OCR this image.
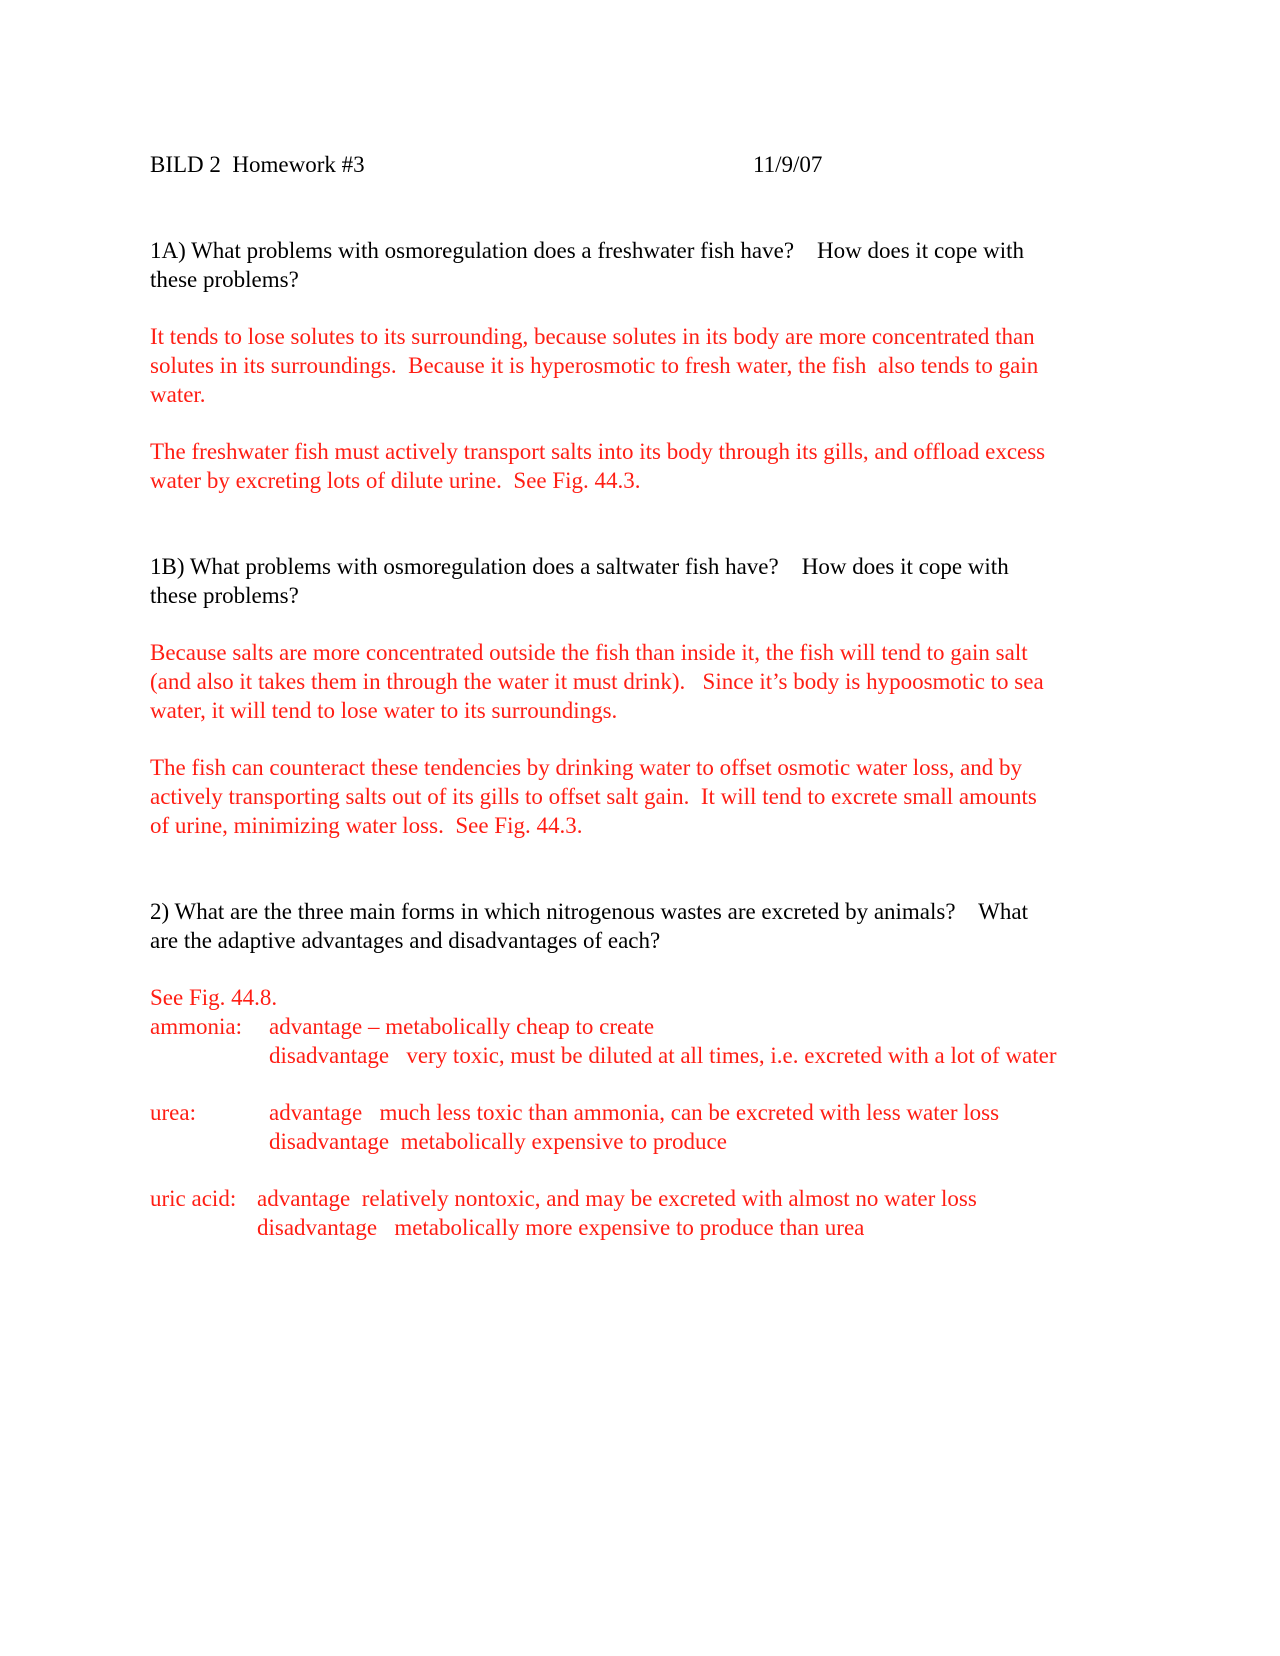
BILD 2  Homework #3	11/9/07
1A) What problems with osmoregulation does a freshwater fish have?    How does it cope with
these problems?
It tends to lose solutes to its surrounding, because solutes in its body are more concentrated than
solutes in its surroundings.  Because it is hyperosmotic to fresh water, the fish  also tends to gain
water.
The freshwater fish must actively transport salts into its body through its gills, and offload excess
water by excreting lots of dilute urine.  See Fig. 44.3.
1B) What problems with osmoregulation does a saltwater fish have?    How does it cope with
these problems?
Because salts are more concentrated outside the fish than inside it, the fish will tend to gain salt
(and also it takes them in through the water it must drink).   Since it’s body is hypoosmotic to sea
water, it will tend to lose water to its surroundings.
The fish can counteract these tendencies by drinking water to offset osmotic water loss, and by
actively transporting salts out of its gills to offset salt gain.  It will tend to excrete small amounts
of urine, minimizing water loss.  See Fig. 44.3.
2) What are the three main forms in which nitrogenous wastes are excreted by animals?    What
are the adaptive advantages and disadvantages of each?
See Fig. 44.8.
ammonia: advantage – metabolically cheap to create
disadvantage   very toxic, must be diluted at all times, i.e. excreted with a lot of water
urea:	advantage   much less toxic than ammonia, can be excreted with less water loss
disadvantage  metabolically expensive to produce
uric acid: advantage  relatively nontoxic, and may be excreted with almost no water loss
disadvantage   metabolically more expensive to produce than urea
